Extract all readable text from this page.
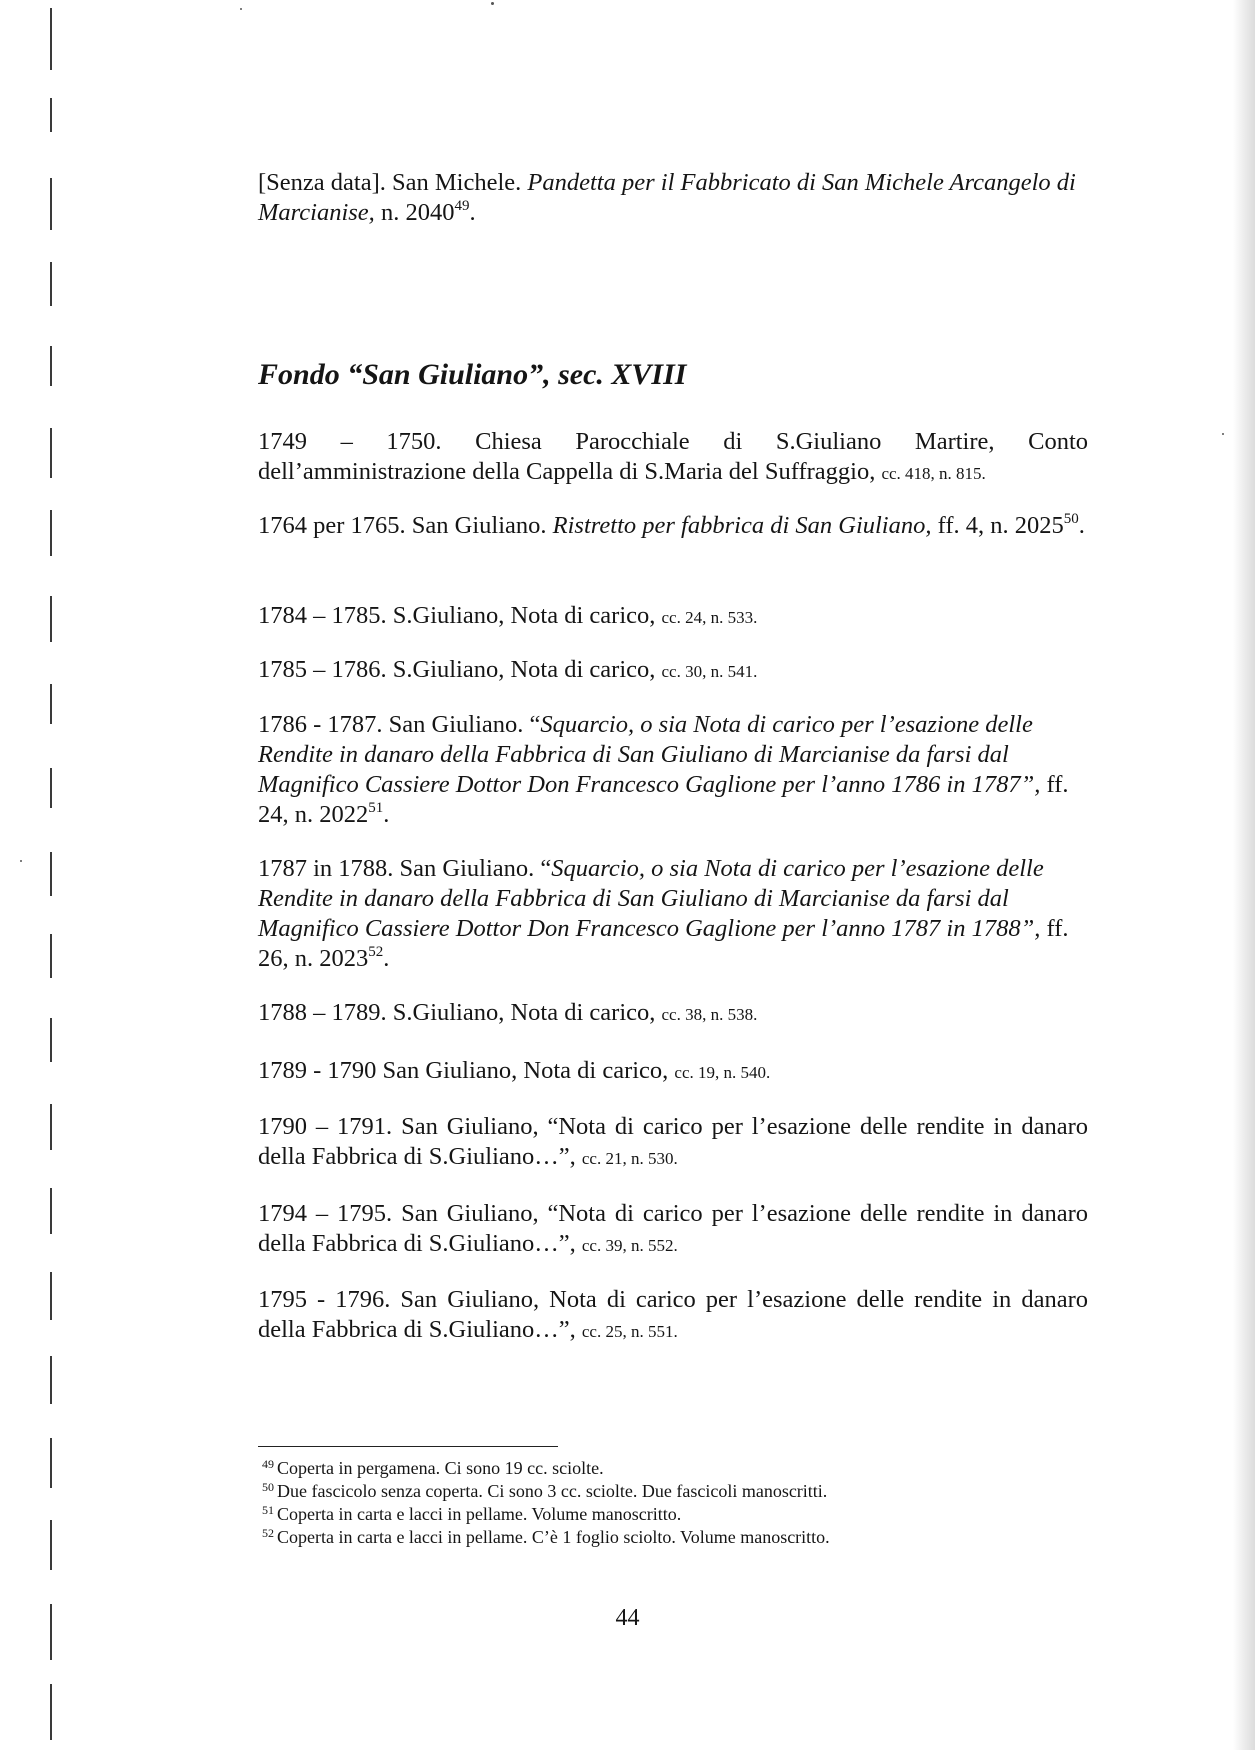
[Senza data]. San Michele. Pandetta per il Fabbricato di San Michele Arcangelo di Marcianise, n. 2040$^{49}$.

Fondo “San Giuliano”, sec. XVIII

1749 – 1750. Chiesa Parocchiale di S.Giuliano Martire, Conto

dell’amministrazione della Cappella di S.Maria del Suffraggio, cc. 418, n. 815.

1764 per 1765. San Giuliano. Ristretto per fabbrica di San Giuliano, ff. 4, n. 2025$^{50}$.

1784 – 1785. S.Giuliano, Nota di carico, cc. 24, n. 533.

1785 – 1786. S.Giuliano, Nota di carico, cc. 30, n. 541.

1786 - 1787. San Giuliano. “Squarcio, o sia Nota di carico per l’esazione delle Rendite in danaro della Fabbrica di San Giuliano di Marcianise da farsi dal Magnifico Cassiere Dottor Don Francesco Gaglione per l’anno 1786 in 1787”, ff. 24, n. 2022$^{51}$.

1787 in 1788. San Giuliano. “Squarcio, o sia Nota di carico per l’esazione delle Rendite in danaro della Fabbrica di San Giuliano di Marcianise da farsi dal Magnifico Cassiere Dottor Don Francesco Gaglione per l’anno 1787 in 1788”, ff. 26, n. 2023$^{52}$.

1788 – 1789. S.Giuliano, Nota di carico, cc. 38, n. 538.

1789 - 1790 San Giuliano, Nota di carico, cc. 19, n. 540.

1790 – 1791. San Giuliano, “Nota di carico per l’esazione delle rendite in danaro

della Fabbrica di S.Giuliano…”, cc. 21, n. 530.

1794 – 1795. San Giuliano, “Nota di carico per l’esazione delle rendite in danaro

della Fabbrica di S.Giuliano…”, cc. 39, n. 552.

1795 - 1796. San Giuliano, Nota di carico per l’esazione delle rendite in danaro

della Fabbrica di S.Giuliano…”, cc. 25, n. 551.

$^{49}$ Coperta in pergamena. Ci sono 19 cc. sciolte.

$^{50}$ Due fascicolo senza coperta. Ci sono 3 cc. sciolte. Due fascicoli manoscritti.

$^{51}$ Coperta in carta e lacci in pellame. Volume manoscritto.

$^{52}$ Coperta in carta e lacci in pellame. C’è 1 foglio sciolto. Volume manoscritto.

44
